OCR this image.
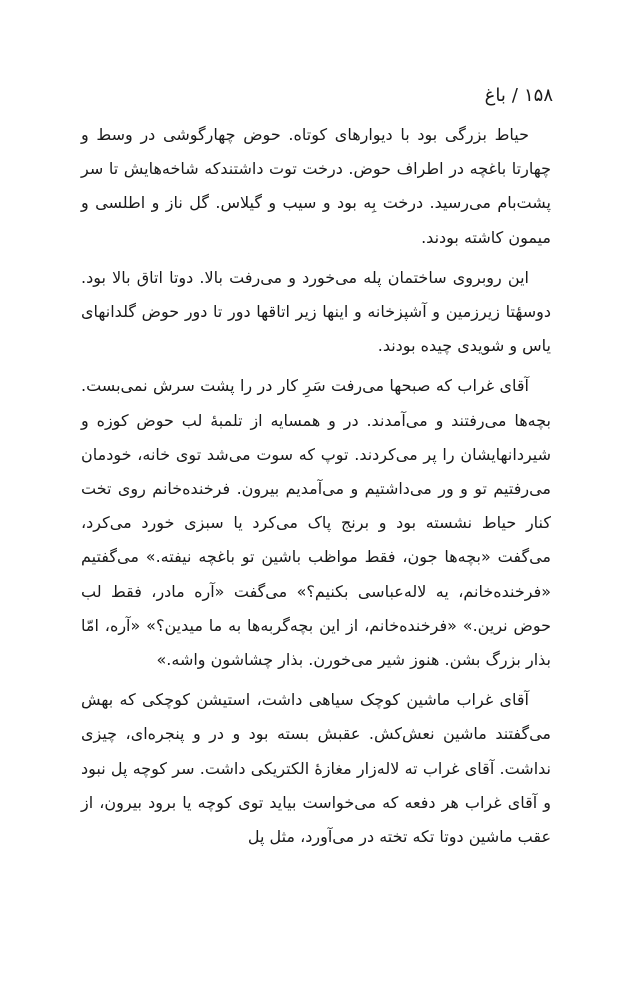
۱۵۸/باغ

حیاط بزرگی بود با دیوارهای کوتاه. حوض چهارگوشی در وسط و چهارتا باغچه در اطراف حوض. درخت توت داشتندکه شاخه‌هایش تا سر پشت‌بام می‌رسید. درخت بِه بود و سیب و گیلاس. گل ناز و اطلسی و میمون کاشته بودند.

این روبروی ساختمان پله می‌خورد و می‌رفت بالا. دوتا اتاق بالا بود. دوسهٔتا زیرزمین و آشپزخانه و اینها زیر اتاقها دور تا دور حوض گلدانهای یاس و شویدی چیده بودند.

آقای غراب که صبحها می‌رفت سَرِ کار در را پشت سرش نمی‌بست. بچه‌ها می‌رفتند و می‌آمدند. در و همسایه از تلمبهٔ لب حوض کوزه و شیردانهایشان را پر می‌کردند. توپ که سوت می‌شد توی خانه، خودمان می‌رفتیم تو و ور می‌داشتیم و می‌آمدیم بیرون. فرخنده‌خانم روی تخت کنار حیاط نشسته بود و برنج پاک می‌کرد یا سبزی خورد می‌کرد، می‌گفت «بچه‌ها جون، فقط مواظب باشین تو باغچه نیفته.» می‌گفتیم «فرخنده‌خانم، یه لاله‌عباسی بکنیم؟» می‌گفت «آره مادر، فقط لب حوض نرین.» «فرخنده‌خانم، از این بچه‌گربه‌ها به ما میدین؟» «آره، امّا بذار بزرگ بشن. هنوز شیر می‌خورن. بذار چشاشون واشه.»

آقای غراب ماشین کوچک سیاهی داشت، استیشن کوچکی که بهش می‌گفتند ماشین نعش‌کش. عقبش بسته بود و در و پنجره‌ای، چیزی نداشت. آقای غراب ته لاله‌زار مغازهٔ الکتریکی داشت. سر کوچه پل نبود و آقای غراب هر دفعه که می‌خواست بیاید توی کوچه یا برود بیرون، از عقب ماشین دوتا تکه تخته در می‌آورد، مثل پل
